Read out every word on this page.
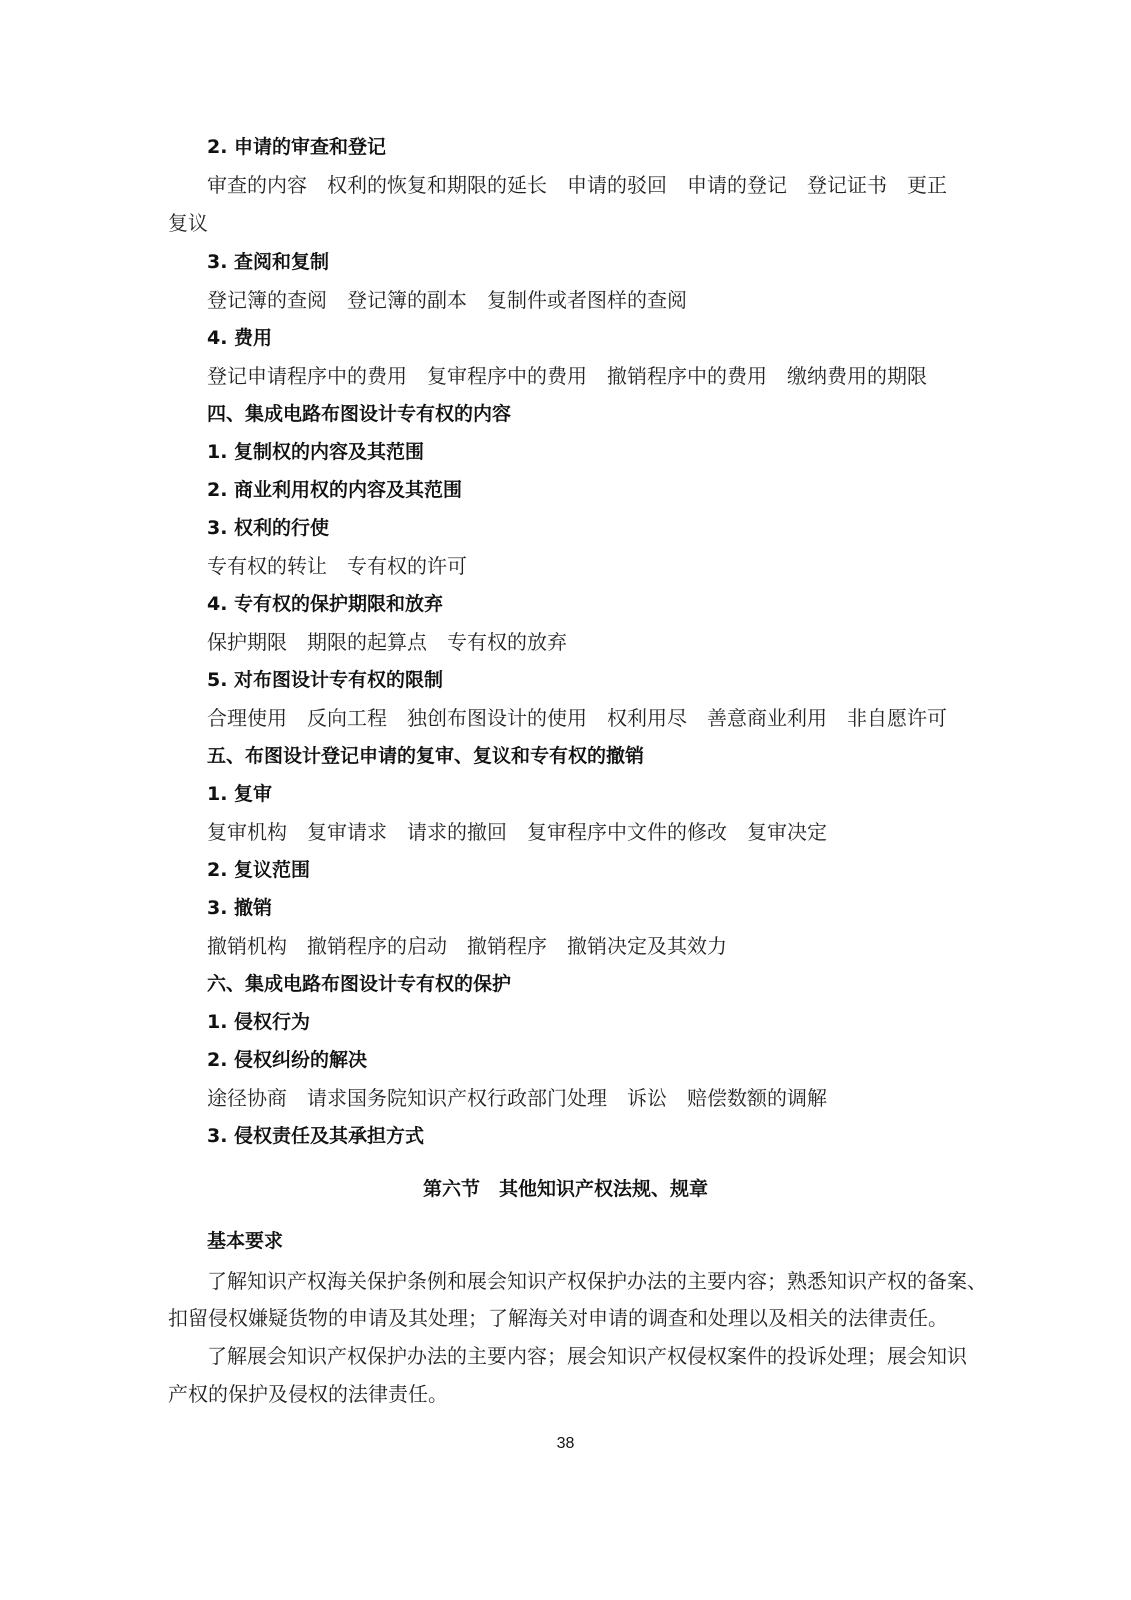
2. 申请的审查和登记
审查的内容　权利的恢复和期限的延长　申请的驳回　申请的登记　登记证书　更正
复议
3. 查阅和复制
登记簿的查阅　登记簿的副本　复制件或者图样的查阅
4. 费用
登记申请程序中的费用　复审程序中的费用　撤销程序中的费用　缴纳费用的期限
四、集成电路布图设计专有权的内容
1. 复制权的内容及其范围
2. 商业利用权的内容及其范围
3. 权利的行使
专有权的转让　专有权的许可
4. 专有权的保护期限和放弃
保护期限　期限的起算点　专有权的放弃
5. 对布图设计专有权的限制
合理使用　反向工程　独创布图设计的使用　权利用尽　善意商业利用　非自愿许可
五、布图设计登记申请的复审、复议和专有权的撤销
1. 复审
复审机构　复审请求　请求的撤回　复审程序中文件的修改　复审决定
2. 复议范围
3. 撤销
撤销机构　撤销程序的启动　撤销程序　撤销决定及其效力
六、集成电路布图设计专有权的保护
1. 侵权行为
2. 侵权纠纷的解决
途径协商　请求国务院知识产权行政部门处理　诉讼　赔偿数额的调解
3. 侵权责任及其承担方式
第六节　其他知识产权法规、规章
基本要求
了解知识产权海关保护条例和展会知识产权保护办法的主要内容；熟悉知识产权的备案、
扣留侵权嫌疑货物的申请及其处理；了解海关对申请的调查和处理以及相关的法律责任。
了解展会知识产权保护办法的主要内容；展会知识产权侵权案件的投诉处理；展会知识
产权的保护及侵权的法律责任。
38
